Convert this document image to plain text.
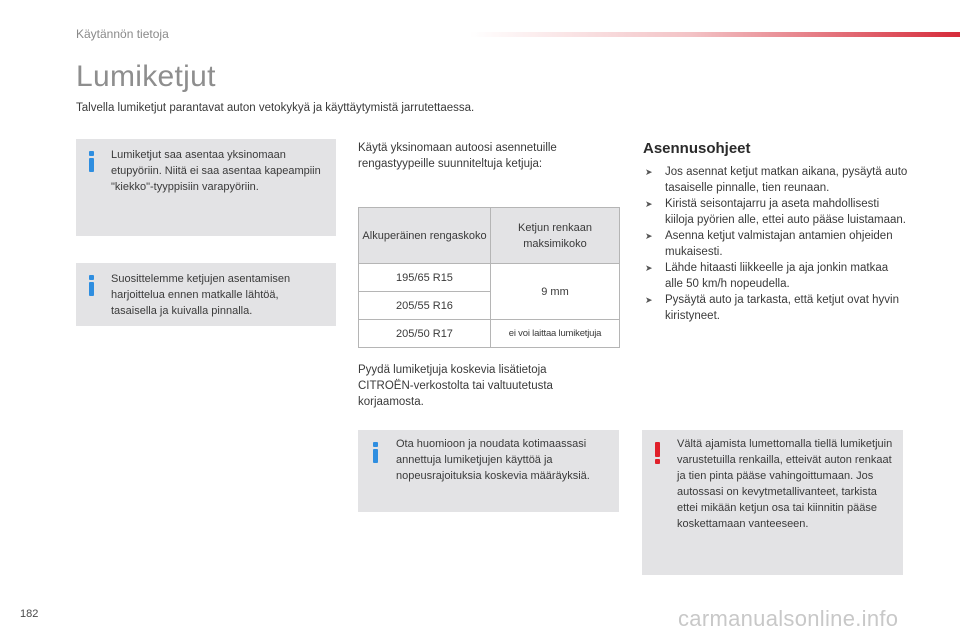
Käytännön tietoja
Lumiketjut
Talvella lumiketjut parantavat auton vetokykyä ja käyttäytymistä jarrutettaessa.
Lumiketjut saa asentaa yksinomaan etupyöriin. Niitä ei saa asentaa kapeampiin "kiekko"-tyyppisiin varapyöriin.
Suosittelemme ketjujen asentamisen harjoittelua ennen matkalle lähtöä, tasaisella ja kuivalla pinnalla.
Käytä yksinomaan autoosi asennetuille rengastyypeille suunniteltuja ketjuja:
Alkuperäinen rengaskoko	Ketjun renkaan maksimikoko
195/65 R15	9 mm
205/55 R16	
205/50 R17	ei voi laittaa lumiketjuja
Pyydä lumiketjuja koskevia lisätietoja CITROËN-verkostolta tai valtuutetusta korjaamosta.
Ota huomioon ja noudata kotimaassasi annettuja lumiketjujen käyttöä ja nopeusrajoituksia koskevia määräyksiä.
Asennusohjeet
➤ Jos asennat ketjut matkan aikana, pysäytä auto tasaiselle pinnalle, tien reunaan.
➤ Kiristä seisontajarru ja aseta mahdollisesti kiiloja pyörien alle, ettei auto pääse luistamaan.
➤ Asenna ketjut valmistajan antamien ohjeiden mukaisesti.
➤ Lähde hitaasti liikkeelle ja aja jonkin matkaa alle 50 km/h nopeudella.
➤ Pysäytä auto ja tarkasta, että ketjut ovat hyvin kiristyneet.
Vältä ajamista lumettomalla tiellä lumiketjuin varustetuilla renkailla, etteivät auton renkaat ja tien pinta pääse vahingoittumaan. Jos autossasi on kevytmetallivanteet, tarkista ettei mikään ketjun osa tai kiinnitin pääse koskettamaan vanteeseen.
182	carmanualsonline.info
